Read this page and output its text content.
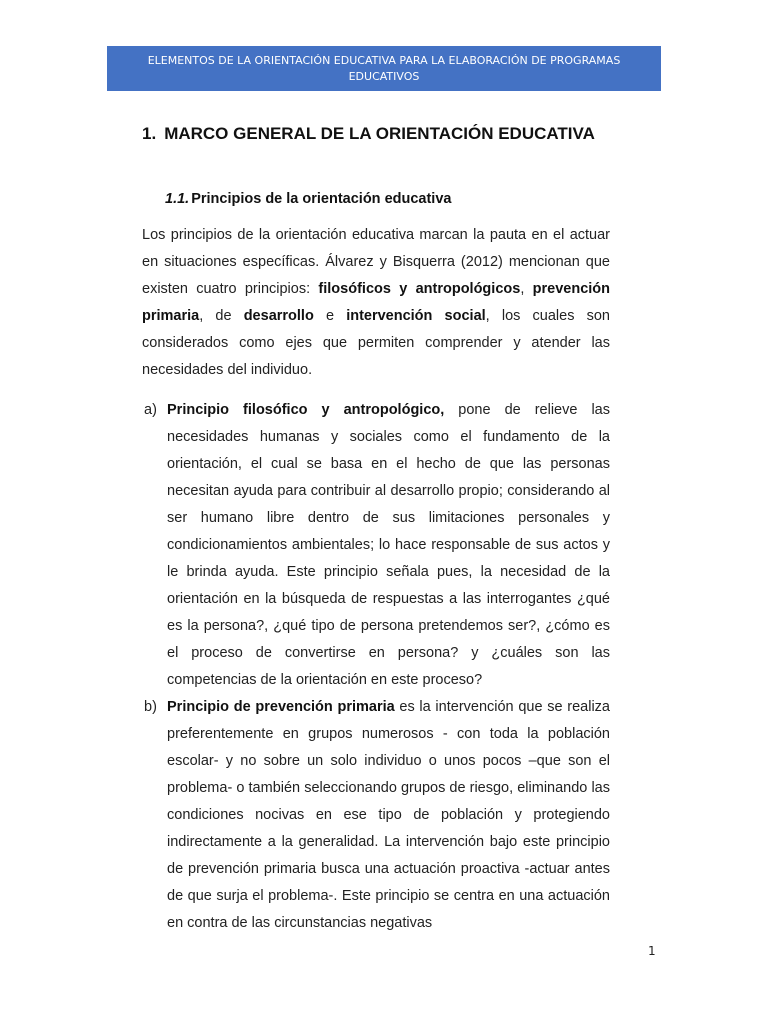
ELEMENTOS DE LA ORIENTACIÓN EDUCATIVA PARA LA ELABORACIÓN DE PROGRAMAS EDUCATIVOS
1. MARCO GENERAL DE LA ORIENTACIÓN EDUCATIVA
1.1. Principios de la orientación educativa

Los principios de la orientación educativa marcan la pauta en el actuar en situaciones específicas. Álvarez y Bisquerra (2012) mencionan que existen cuatro principios: filosóficos y antropológicos, prevención primaria, de desarrollo e intervención social, los cuales son considerados como ejes que permiten comprender y atender las necesidades del individuo.

a) Principio filosófico y antropológico, pone de relieve las necesidades humanas y sociales como el fundamento de la orientación, el cual se basa en el hecho de que las personas necesitan ayuda para contribuir al desarrollo propio; considerando al ser humano libre dentro de sus limitaciones personales y condicionamientos ambientales; lo hace responsable de sus actos y le brinda ayuda. Este principio señala pues, la necesidad de la orientación en la búsqueda de respuestas a las interrogantes ¿qué es la persona?, ¿qué tipo de persona pretendemos ser?, ¿cómo es el proceso de convertirse en persona? y ¿cuáles son las competencias de la orientación en este proceso?
b) Principio de prevención primaria es la intervención que se realiza preferentemente en grupos numerosos - con toda la población escolar- y no sobre un solo individuo o unos pocos –que son el problema- o también seleccionando grupos de riesgo, eliminando las condiciones nocivas en ese tipo de población y protegiendo indirectamente a la generalidad. La intervención bajo este principio de prevención primaria busca una actuación proactiva -actuar antes de que surja el problema-. Este principio se centra en una actuación en contra de las circunstancias negativas
1
